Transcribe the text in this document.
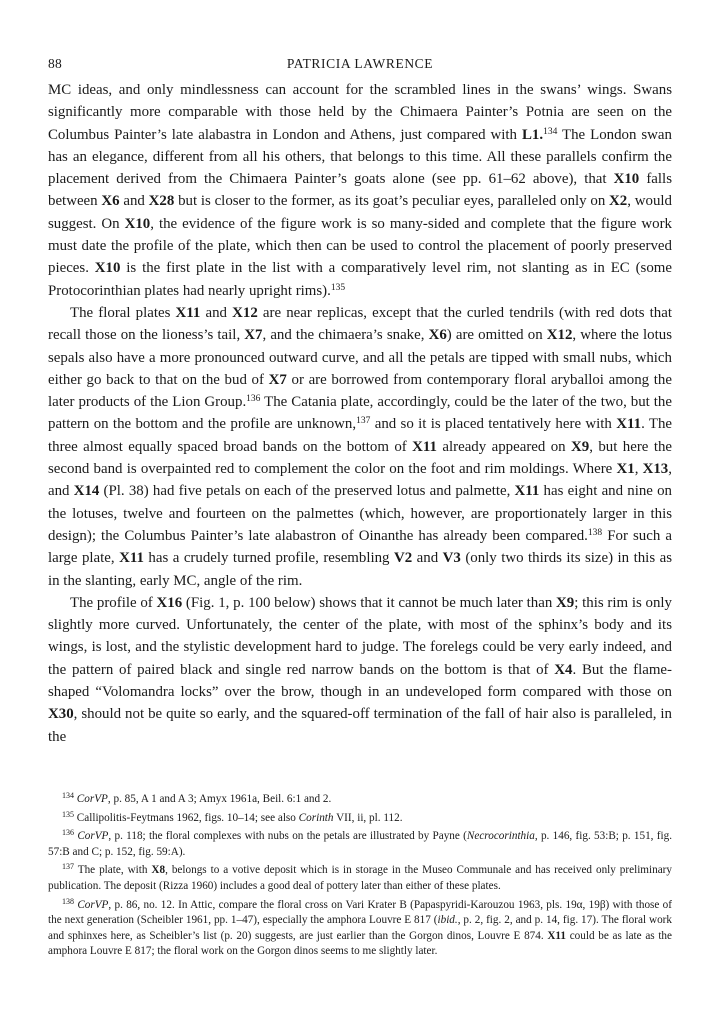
88	PATRICIA LAWRENCE

MC ideas, and only mindlessness can account for the scrambled lines in the swans’ wings. Swans significantly more comparable with those held by the Chimaera Painter’s Potnia are seen on the Columbus Painter’s late alabastra in London and Athens, just compared with L1.$^{134}$ The London swan has an elegance, different from all his others, that belongs to this time. All these parallels confirm the placement derived from the Chimaera Painter’s goats alone (see pp. 61–62 above), that X10 falls between X6 and X28 but is closer to the former, as its goat’s peculiar eyes, paralleled only on X2, would suggest. On X10, the evidence of the figure work is so many-sided and complete that the figure work must date the profile of the plate, which then can be used to control the placement of poorly preserved pieces. X10 is the first plate in the list with a comparatively level rim, not slanting as in EC (some Protocorinthian plates had nearly upright rims).$^{135}$

The floral plates X11 and X12 are near replicas, except that the curled tendrils (with red dots that recall those on the lioness’s tail, X7, and the chimaera’s snake, X6) are omitted on X12, where the lotus sepals also have a more pronounced outward curve, and all the petals are tipped with small nubs, which either go back to that on the bud of X7 or are borrowed from contemporary floral aryballoi among the later products of the Lion Group.$^{136}$ The Catania plate, accordingly, could be the later of the two, but the pattern on the bottom and the profile are unknown,$^{137}$ and so it is placed tentatively here with X11. The three almost equally spaced broad bands on the bottom of X11 already appeared on X9, but here the second band is overpainted red to complement the color on the foot and rim moldings. Where X1, X13, and X14 (Pl. 38) had five petals on each of the preserved lotus and palmette, X11 has eight and nine on the lotuses, twelve and fourteen on the palmettes (which, however, are proportionately larger in this design); the Columbus Painter’s late alabastron of Oinanthe has already been compared.$^{138}$ For such a large plate, X11 has a crudely turned profile, resembling V2 and V3 (only two thirds its size) in this as in the slanting, early MC, angle of the rim.

The profile of X16 (Fig. 1, p. 100 below) shows that it cannot be much later than X9; this rim is only slightly more curved. Unfortunately, the center of the plate, with most of the sphinx’s body and its wings, is lost, and the stylistic development hard to judge. The forelegs could be very early indeed, and the pattern of paired black and single red narrow bands on the bottom is that of X4. But the flame-shaped “Volomandra locks” over the brow, though in an undeveloped form compared with those on X30, should not be quite so early, and the squared-off termination of the fall of hair also is paralleled, in the

$^{134}$ CorVP, p. 85, A 1 and A 3; Amyx 1961a, Beil. 6:1 and 2.

$^{135}$ Callipolitis-Feytmans 1962, figs. 10–14; see also Corinth VII, ii, pl. 112.

$^{136}$ CorVP, p. 118; the floral complexes with nubs on the petals are illustrated by Payne (Necrocorinthia, p. 146, fig. 53:B; p. 151, fig. 57:B and C; p. 152, fig. 59:A).

$^{137}$ The plate, with X8, belongs to a votive deposit which is in storage in the Museo Communale and has received only preliminary publication. The deposit (Rizza 1960) includes a good deal of pottery later than either of these plates.

$^{138}$ CorVP, p. 86, no. 12. In Attic, compare the floral cross on Vari Krater B (Papaspyridi-Karouzou 1963, pls. 19α, 19β) with those of the next generation (Scheibler 1961, pp. 1–47), especially the amphora Louvre E 817 (ibid., p. 2, fig. 2, and p. 14, fig. 17). The floral work and sphinxes here, as Scheibler’s list (p. 20) suggests, are just earlier than the Gorgon dinos, Louvre E 874. X11 could be as late as the amphora Louvre E 817; the floral work on the Gorgon dinos seems to me slightly later.
